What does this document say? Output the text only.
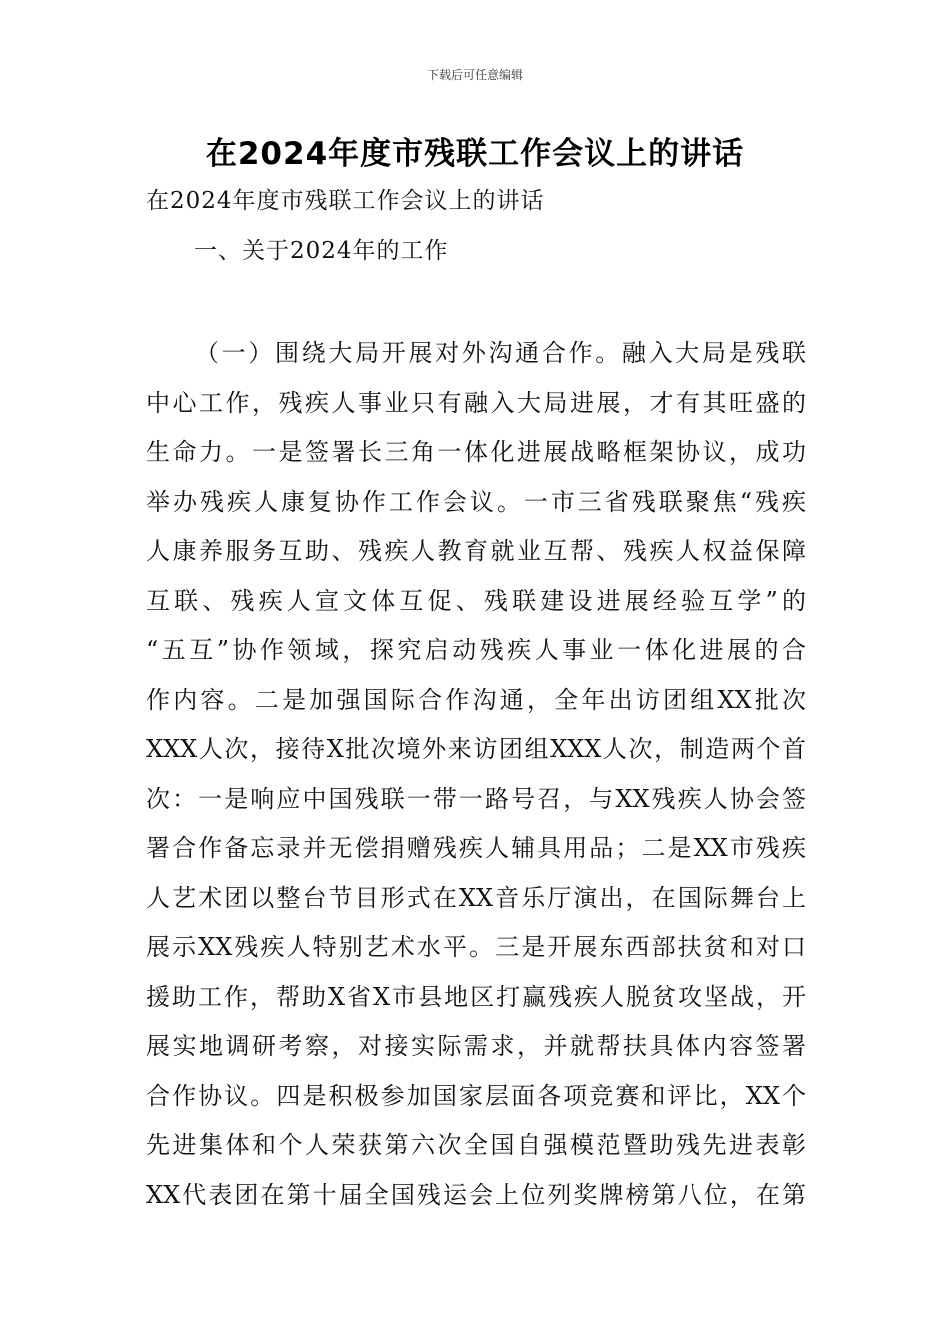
下载后可任意编辑
在2024年度市残联工作会议上的讲话
在2024年度市残联工作会议上的讲话
一、关于2024年的工作
（一）围绕大局开展对外沟通合作。融入大局是残联
中心工作，残疾人事业只有融入大局进展，才有其旺盛的
生命力。一是签署长三角一体化进展战略框架协议，成功
举办残疾人康复协作工作会议。一市三省残联聚焦“残疾
人康养服务互助、残疾人教育就业互帮、残疾人权益保障
互联、残疾人宣文体互促、残联建设进展经验互学”的
“五互”协作领域，探究启动残疾人事业一体化进展的合
作内容。二是加强国际合作沟通，全年出访团组XX批次
XXX人次，接待X批次境外来访团组XXX人次，制造两个首
次：一是响应中国残联一带一路号召，与XX残疾人协会签
署合作备忘录并无偿捐赠残疾人辅具用品；二是XX市残疾
人艺术团以整台节目形式在XX音乐厅演出，在国际舞台上
展示XX残疾人特别艺术水平。三是开展东西部扶贫和对口
援助工作，帮助X省X市县地区打赢残疾人脱贫攻坚战，开
展实地调研考察，对接实际需求，并就帮扶具体内容签署
合作协议。四是积极参加国家层面各项竞赛和评比，XX个
先进集体和个人荣获第六次全国自强模范暨助残先进表彰
XX代表团在第十届全国残运会上位列奖牌榜第八位，在第
